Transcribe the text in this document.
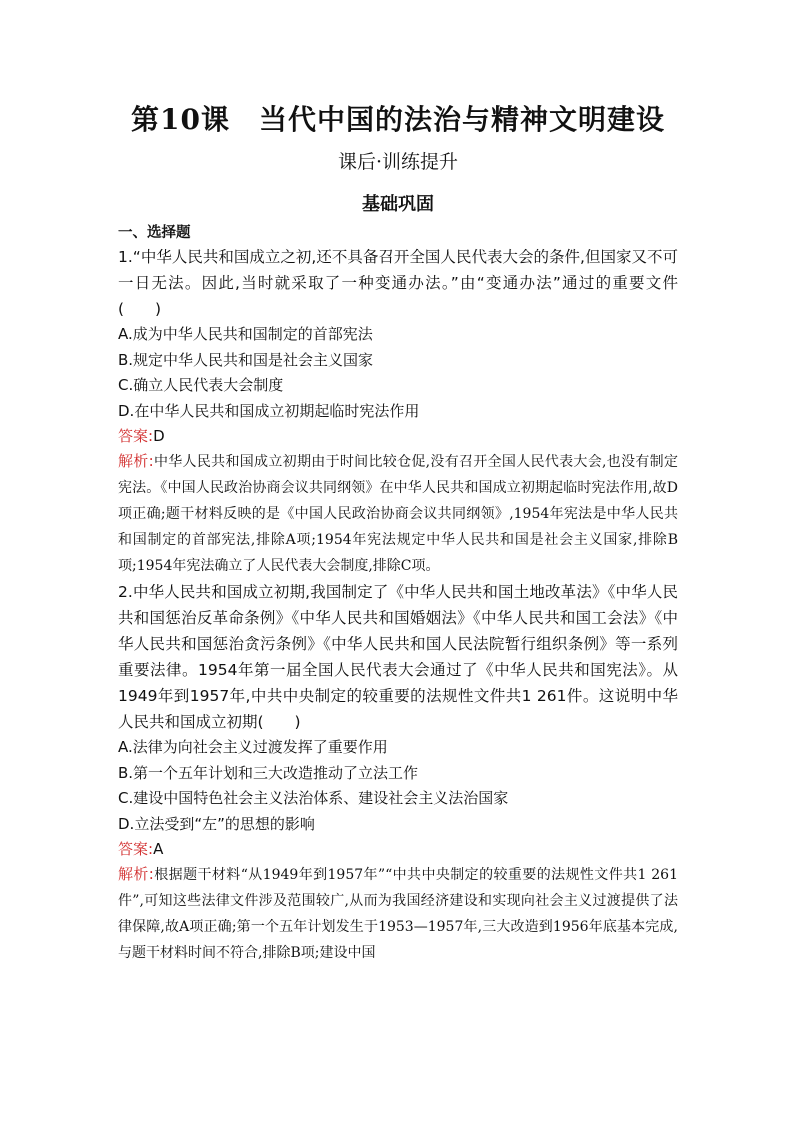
第10课　当代中国的法治与精神文明建设
课后·训练提升
基础巩固
一、选择题

1.“中华人民共和国成立之初,还不具备召开全国人民代表大会的条件,但国家又不可一日无法。因此,当时就采取了一种变通办法。”由“变通办法”通过的重要文件(　　)

A.成为中华人民共和国制定的首部宪法
B.规定中华人民共和国是社会主义国家
C.确立人民代表大会制度
D.在中华人民共和国成立初期起临时宪法作用
答案:D
解析:中华人民共和国成立初期由于时间比较仓促,没有召开全国人民代表大会,也没有制定宪法。《中国人民政治协商会议共同纲领》在中华人民共和国成立初期起临时宪法作用,故D项正确;题干材料反映的是《中国人民政治协商会议共同纲领》,1954年宪法是中华人民共和国制定的首部宪法,排除A项;1954年宪法规定中华人民共和国是社会主义国家,排除B项;1954年宪法确立了人民代表大会制度,排除C项。

2.中华人民共和国成立初期,我国制定了《中华人民共和国土地改革法》《中华人民共和国惩治反革命条例》《中华人民共和国婚姻法》《中华人民共和国工会法》《中华人民共和国惩治贪污条例》《中华人民共和国人民法院暂行组织条例》等一系列重要法律。1954年第一届全国人民代表大会通过了《中华人民共和国宪法》。从1949年到1957年,中共中央制定的较重要的法规性文件共1 261件。这说明中华人民共和国成立初期(　　)

A.法律为向社会主义过渡发挥了重要作用
B.第一个五年计划和三大改造推动了立法工作
C.建设中国特色社会主义法治体系、建设社会主义法治国家
D.立法受到“左”的思想的影响
答案:A
解析:根据题干材料“从1949年到1957年”“中共中央制定的较重要的法规性文件共1 261件”,可知这些法律文件涉及范围较广,从而为我国经济建设和实现向社会主义过渡提供了法律保障,故A项正确;第一个五年计划发生于1953—1957年,三大改造到1956年底基本完成,与题干材料时间不符合,排除B项;建设中国
